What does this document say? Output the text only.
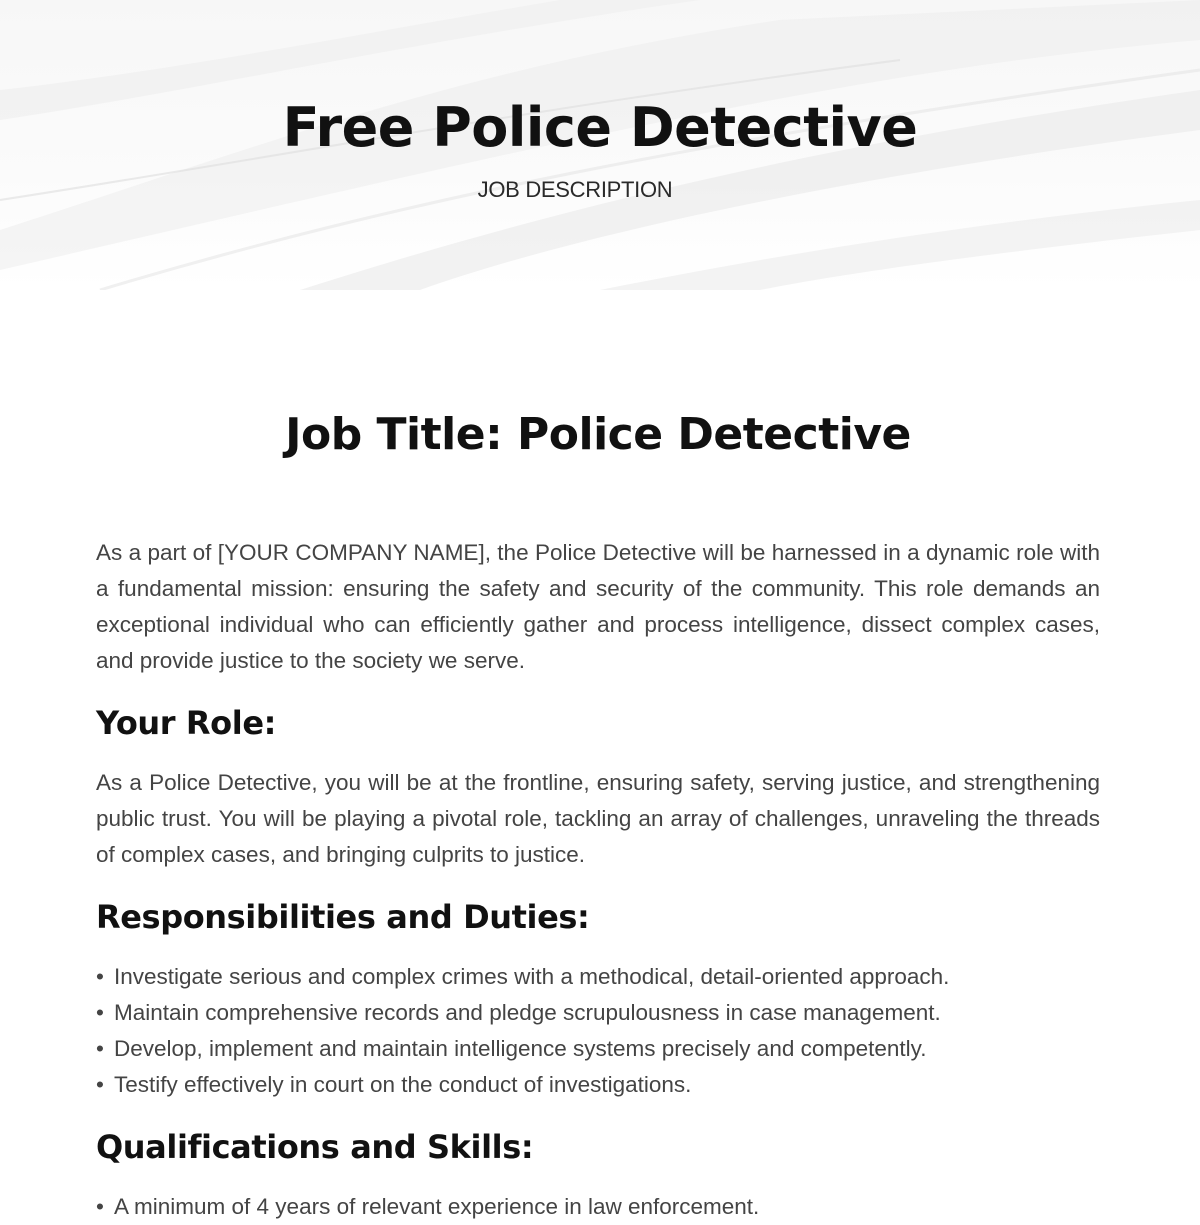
Free Police Detective
JOB DESCRIPTION
Job Title: Police Detective

As a part of [YOUR COMPANY NAME], the Police Detective will be harnessed in a dynamic role with a fundamental mission: ensuring the safety and security of the community. This role demands an exceptional individual who can efficiently gather and process intelligence, dissect complex cases, and provide justice to the society we serve.

Your Role:

As a Police Detective, you will be at the frontline, ensuring safety, serving justice, and strengthening public trust. You will be playing a pivotal role, tackling an array of challenges, unraveling the threads of complex cases, and bringing culprits to justice.

Responsibilities and Duties:
• Investigate serious and complex crimes with a methodical, detail-oriented approach.
• Maintain comprehensive records and pledge scrupulousness in case management.
• Develop, implement and maintain intelligence systems precisely and competently.
• Testify effectively in court on the conduct of investigations.
Qualifications and Skills:
• A minimum of 4 years of relevant experience in law enforcement.
